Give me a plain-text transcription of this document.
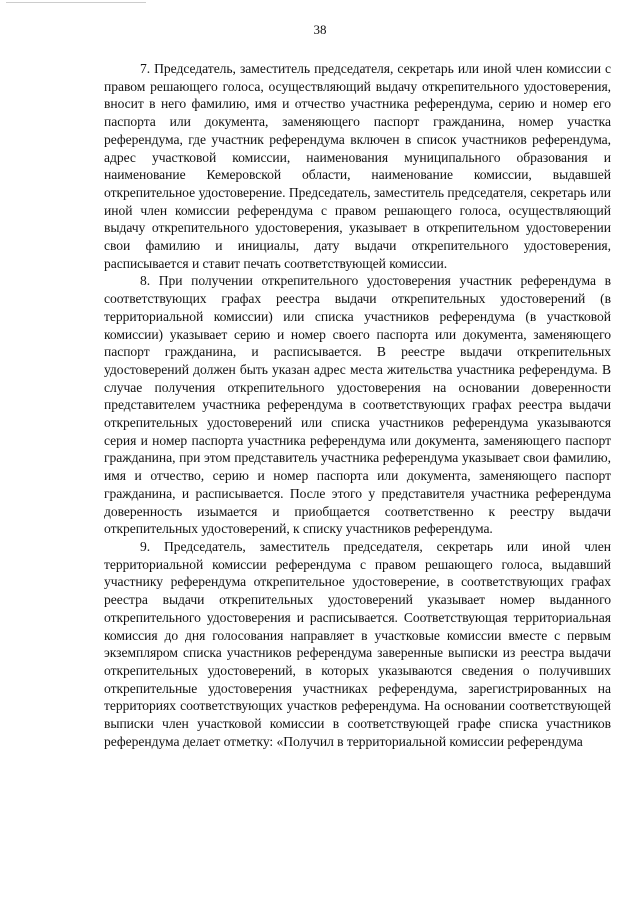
38

7. Председатель, заместитель председателя, секретарь или иной член комиссии с правом решающего голоса, осуществляющий выдачу открепительного удостоверения, вносит в него фамилию, имя и отчество участника референдума, серию и номер его паспорта или документа, заменяющего паспорт гражданина, номер участка референдума, где участник референдума включен в список участников референдума, адрес участковой комиссии, наименования муниципального образования и наименование Кемеровской области, наименование комиссии, выдавшей открепительное удостоверение. Председатель, заместитель председателя, секретарь или иной член комиссии референдума с правом решающего голоса, осуществляющий выдачу открепительного удостоверения, указывает в открепительном удостоверении свои фамилию и инициалы, дату выдачи открепительного удостоверения, расписывается и ставит печать соответствующей комиссии.

8. При получении открепительного удостоверения участник референдума в соответствующих графах реестра выдачи открепительных удостоверений (в территориальной комиссии) или списка участников референдума (в участковой комиссии) указывает серию и номер своего паспорта или документа, заменяющего паспорт гражданина, и расписывается. В реестре выдачи открепительных удостоверений должен быть указан адрес места жительства участника референдума. В случае получения открепительного удостоверения на основании доверенности представителем участника референдума в соответствующих графах реестра выдачи открепительных удостоверений или списка участников референдума указываются серия и номер паспорта участника референдума или документа, заменяющего паспорт гражданина, при этом представитель участника референдума указывает свои фамилию, имя и отчество, серию и номер паспорта или документа, заменяющего паспорт гражданина, и расписывается. После этого у представителя участника референдума доверенность изымается и приобщается соответственно к реестру выдачи открепительных удостоверений, к списку участников референдума.

9. Председатель, заместитель председателя, секретарь или иной член территориальной комиссии референдума с правом решающего голоса, выдавший участнику референдума открепительное удостоверение, в соответствующих графах реестра выдачи открепительных удостоверений указывает номер выданного открепительного удостоверения и расписывается. Соответствующая территориальная комиссия до дня голосования направляет в участковые комиссии вместе с первым экземпляром списка участников референдума заверенные выписки из реестра выдачи открепительных удостоверений, в которых указываются сведения о получивших открепительные удостоверения участниках референдума, зарегистрированных на территориях соответствующих участков референдума. На основании соответствующей выписки член участковой комиссии в соответствующей графе списка участников референдума делает отметку: «Получил в территориальной комиссии референдума
